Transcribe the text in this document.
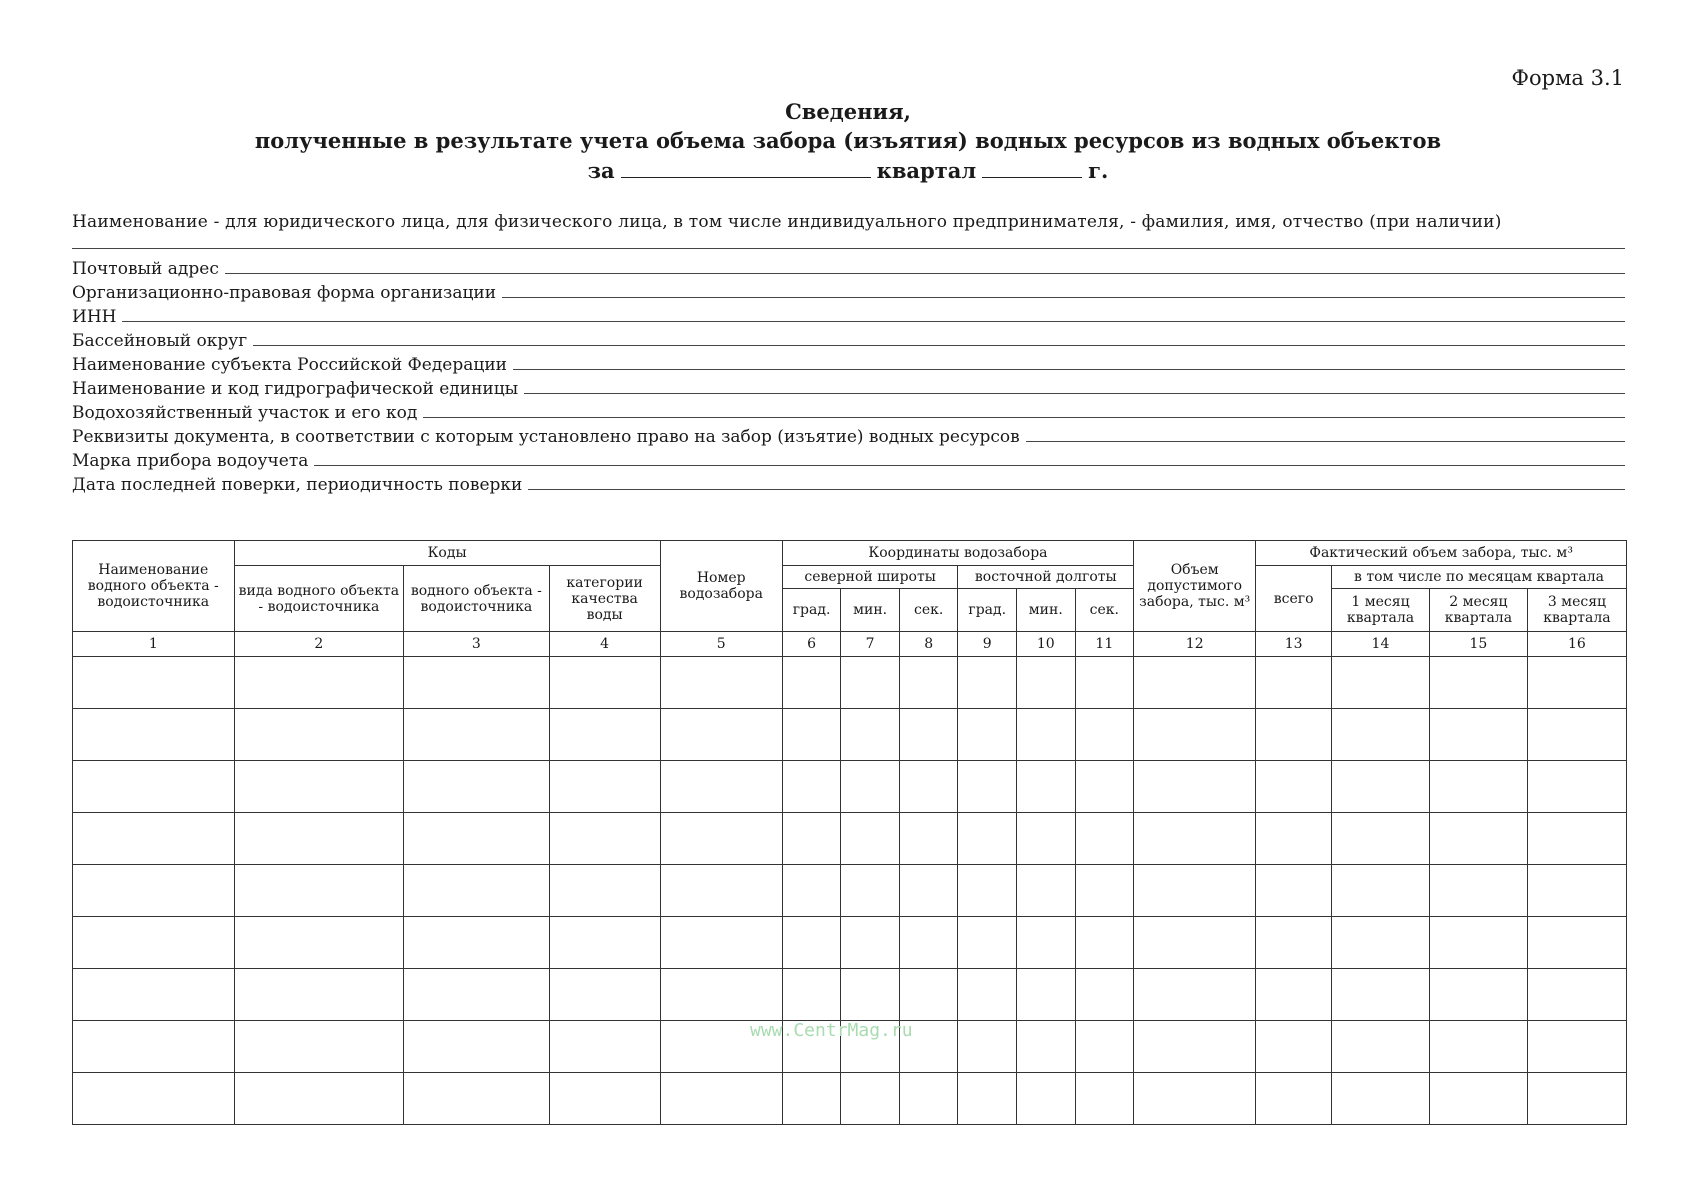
Форма 3.1
Сведения,
полученные в результате учета объема забора (изъятия) водных ресурсов из водных объектов
за	квартал	г.
Наименование - для юридического лица, для физического лица, в том числе индивидуального предпринимателя, - фамилия, имя, отчество (при наличии)
Почтовый адрес
Организационно-правовая форма организации
ИНН
Бассейновый округ
Наименование субъекта Российской Федерации
Наименование и код гидрографической единицы
Водохозяйственный участок и его код
Реквизиты документа, в соответствии с которым установлено право на забор (изъятие) водных ресурсов
Марка прибора водоучета
Дата последней поверки, периодичность поверки
Наименование водного объекта - водоисточника	Коды			Номер водозабора	Координаты водозабора						Объем допустимого забора, тыс. м³	Фактический объем забора, тыс. м³			
	вида водного объекта - водоисточника	водного объекта - водоисточника	категории качества воды		северной широты			восточной долготы				всего	в том числе по месяцам квартала		
					град.	мин.	сек.	град.	мин.	сек.			1 месяц квартала	2 месяц квартала	3 месяц квартала
1	2	3	4	5	6	7	8	9	10	11	12	13	14	15	16

www.CentrMag.ru
